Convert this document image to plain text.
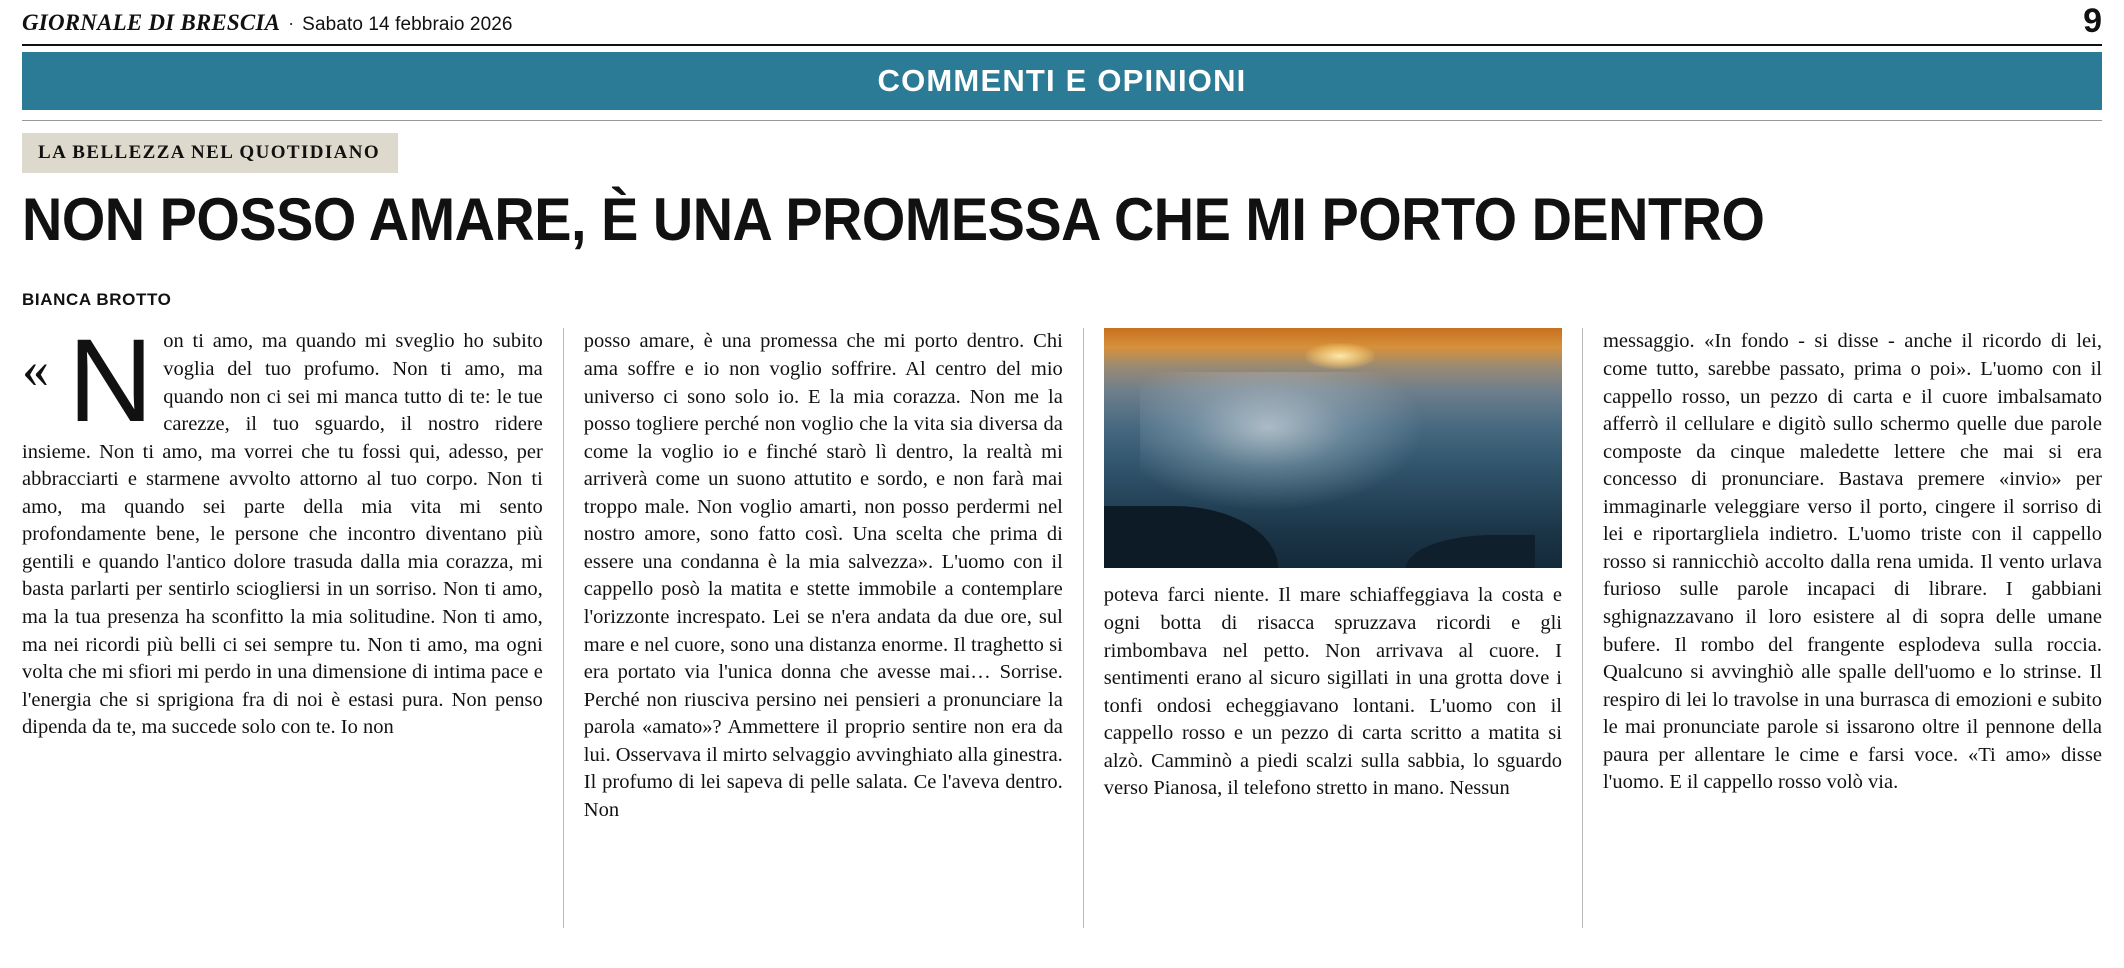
9
GIORNALE DI BRESCIA · Sabato 14 febbraio 2026
COMMENTI E OPINIONI
LA BELLEZZA NEL QUOTIDIANO
NON POSSO AMARE, È UNA PROMESSA CHE MI PORTO DENTRO
BIANCA BROTTO
« N on ti amo, ma quando mi sveglio ho subito voglia del tuo profumo. Non ti amo, ma quando non ci sei mi manca tutto di te: le tue carezze, il tuo sguardo, il nostro ridere insieme. Non ti amo, ma vorrei che tu fossi qui, adesso, per abbracciarti e starmene avvolto attorno al tuo corpo. Non ti amo, ma quando sei parte della mia vita mi sento profondamente bene, le persone che incontro diventano più gentili e quando l'antico dolore trasuda dalla mia corazza, mi basta parlarti per sentirlo sciogliersi in un sorriso. Non ti amo, ma la tua presenza ha sconfitto la mia solitudine. Non ti amo, ma nei ricordi più belli ci sei sempre tu. Non ti amo, ma ogni volta che mi sfiori mi perdo in una dimensione di intima pace e l'energia che si sprigiona fra di noi è estasi pura. Non penso dipenda da te, ma succede solo con te. Io non

posso amare, è una promessa che mi porto dentro. Chi ama soffre e io non voglio soffrire. Al centro del mio universo ci sono solo io. E la mia corazza. Non me la posso togliere perché non voglio che la vita sia diversa da come la voglio io e finché starò lì dentro, la realtà mi arriverà come un suono attutito e sordo, e non farà mai troppo male. Non voglio amarti, non posso perdermi nel nostro amore, sono fatto così. Una scelta che prima di essere una condanna è la mia salvezza». L'uomo con il cappello posò la matita e stette immobile a contemplare l'orizzonte increspato. Lei se n'era andata da due ore, sul mare e nel cuore, sono una distanza enorme. Il traghetto si era portato via l'unica donna che avesse mai… Sorrise. Perché non riusciva persino nei pensieri a pronunciare la parola «amato»? Ammettere il proprio sentire non era da lui. Osservava il mirto selvaggio avvinghiato alla ginestra. Il profumo di lei sapeva di pelle salata. Ce l'aveva dentro. Non

poteva farci niente. Il mare schiaffeggiava la costa e ogni botta di risacca spruzzava ricordi e gli rimbombava nel petto. Non arrivava al cuore. I sentimenti erano al sicuro sigillati in una grotta dove i tonfi ondosi echeggiavano lontani. L'uomo con il cappello rosso e un pezzo di carta scritto a matita si alzò. Camminò a piedi scalzi sulla sabbia, lo sguardo verso Pianosa, il telefono stretto in mano. Nessun

messaggio. «In fondo - si disse - anche il ricordo di lei, come tutto, sarebbe passato, prima o poi». L'uomo con il cappello rosso, un pezzo di carta e il cuore imbalsamato afferrò il cellulare e digitò sullo schermo quelle due parole composte da cinque maledette lettere che mai si era concesso di pronunciare. Bastava premere «invio» per immaginarle veleggiare verso il porto, cingere il sorriso di lei e riportargliela indietro. L'uomo triste con il cappello rosso si rannicchiò accolto dalla rena umida. Il vento urlava furioso sulle parole incapaci di librare. I gabbiani sghignazzavano il loro esistere al di sopra delle umane bufere. Il rombo del frangente esplodeva sulla roccia. Qualcuno si avvinghiò alle spalle dell'uomo e lo strinse. Il respiro di lei lo travolse in una burrasca di emozioni e subito le mai pronunciate parole si issarono oltre il pennone della paura per allentare le cime e farsi voce. «Ti amo» disse l'uomo. E il cappello rosso volò via.
